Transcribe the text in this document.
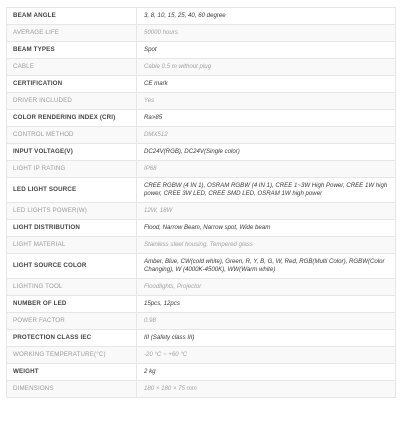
BEAM ANGLE	3, 8, 10, 15, 25, 40, 60 degree
AVERAGE LIFE	50000 hours
BEAM TYPES	Spot
CABLE	Cable 0.5 m without plug
CERTIFICATION	CE mark
DRIVER INCLUDED	Yes
COLOR RENDERING INDEX (CRI)	Ra>85
CONTROL METHOD	DMX512
INPUT VOLTAGE(V)	DC24V(RGB), DC24V(Single color)
LIGHT IP RATING	IP68
LED LIGHT SOURCE	CREE RGBW (4 IN 1), OSRAM RGBW (4 IN 1), CREE 1~3W High Power, CREE 1W high power, CREE 3W LED, CREE SMD LED, OSRAM 1W high power
LED LIGHTS POWER(W)	12W, 18W
LIGHT DISTRIBUTION	Flood, Narrow Beam, Narrow spot, Wide beam
LIGHT MATERIAL	Stainless steel housing, Tempered glass
LIGHT SOURCE COLOR	Amber, Blue, CW(cold white), Green, R, Y, B, G, W, Red, RGB(Multi Color), RGBW(Color Changing), W (4000K-4500K), WW(Warm white)
LIGHTING TOOL	Floodlights, Projector
NUMBER OF LED	15pcs, 12pcs
POWER FACTOR	0.98
PROTECTION CLASS IEC	III (Safety class III)
WORKING TEMPERATURE(°C)	-20 °C ~ +60 °C
WEIGHT	2 kg
DIMENSIONS	180 × 180 × 75 mm
